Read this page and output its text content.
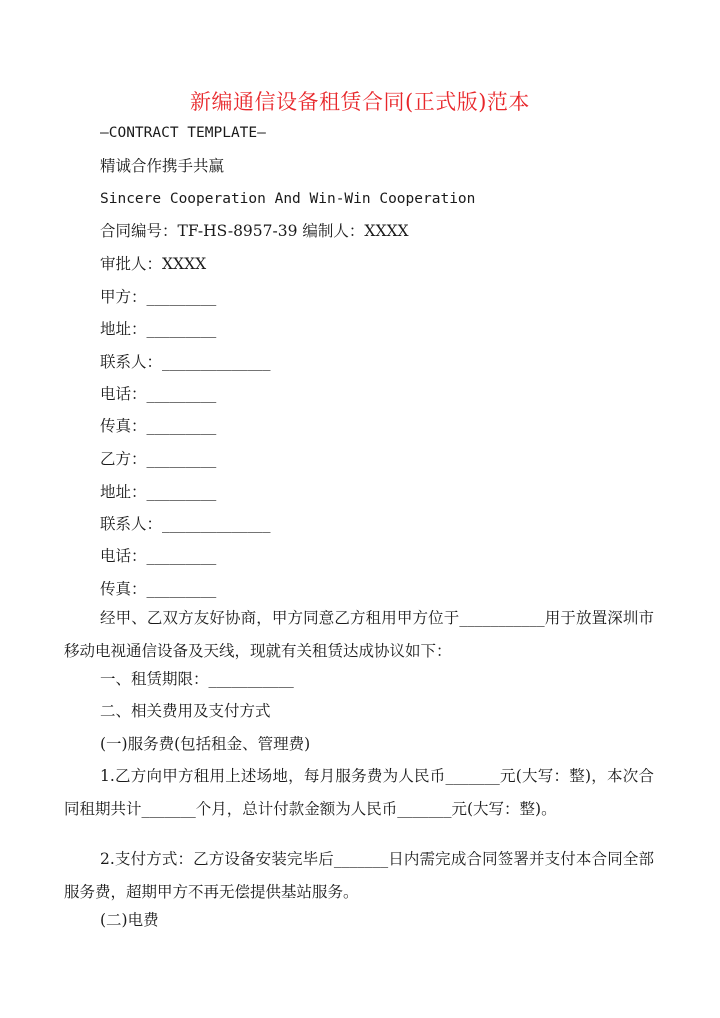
新编通信设备租赁合同(正式版)范本
—CONTRACT TEMPLATE—
精诚合作携手共赢
Sincere Cooperation And Win-Win Cooperation
合同编号：TF-HS-8957-39 编制人：XXXX
审批人：XXXX
甲方：_________
地址：_________
联系人：______________
电话：_________
传真：_________
乙方：_________
地址：_________
联系人：______________
电话：_________
传真：_________
经甲、乙双方友好协商，甲方同意乙方租用甲方位于___________用于放置深圳市移动电视通信设备及天线，现就有关租赁达成协议如下：
一、租赁期限：___________
二、相关费用及支付方式
(一)服务费(包括租金、管理费)
1.乙方向甲方租用上述场地，每月服务费为人民币_______元(大写：整)，本次合同租期共计_______个月，总计付款金额为人民币_______元(大写：整)。
2.支付方式：乙方设备安装完毕后_______日内需完成合同签署并支付本合同全部服务费，超期甲方不再无偿提供基站服务。
(二)电费
